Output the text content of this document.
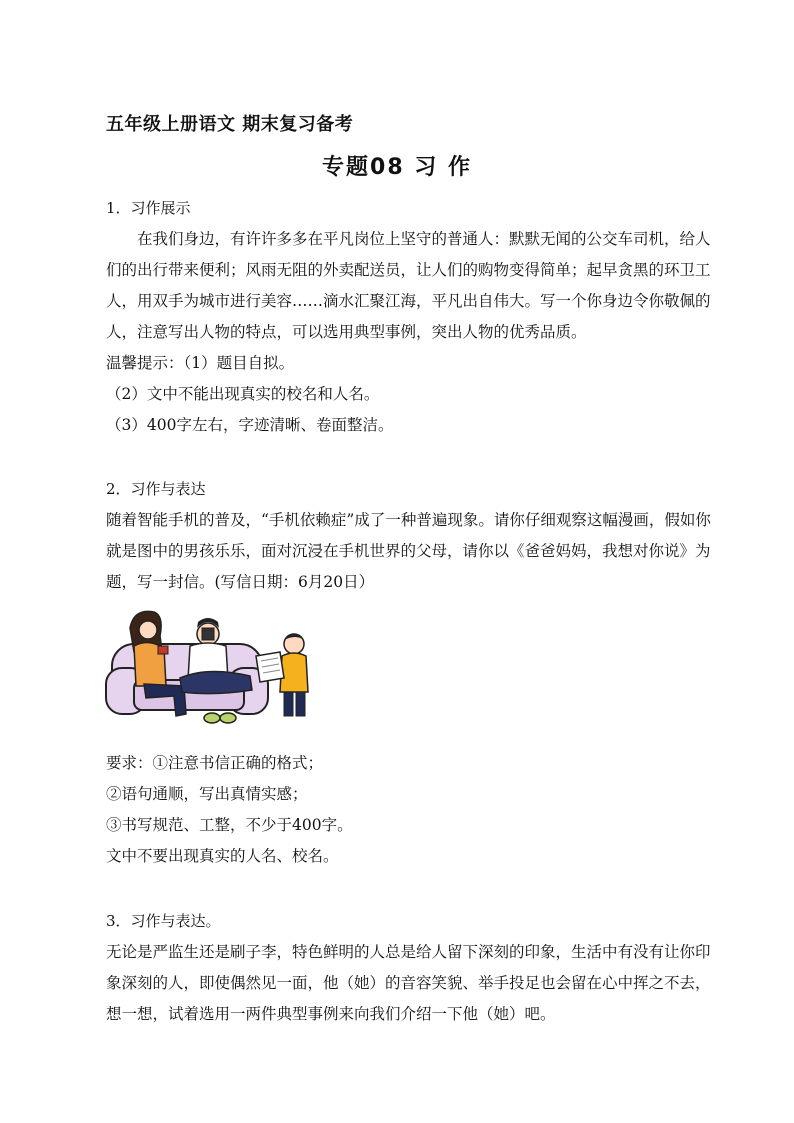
五年级上册语文 期末复习备考
专题08 习 作

1．习作展示

在我们身边，有许许多多在平凡岗位上坚守的普通人：默默无闻的公交车司机，给人们的出行带来便利；风雨无阻的外卖配送员，让人们的购物变得简单；起早贪黑的环卫工人，用双手为城市进行美容……滴水汇聚江海，平凡出自伟大。写一个你身边令你敬佩的人，注意写出人物的特点，可以选用典型事例，突出人物的优秀品质。

温馨提示：（1）题目自拟。

（2）文中不能出现真实的校名和人名。

（3）400字左右，字迹清晰、卷面整洁。

2．习作与表达

随着智能手机的普及，“手机依赖症”成了一种普遍现象。请你仔细观察这幅漫画，假如你就是图中的男孩乐乐，面对沉浸在手机世界的父母，请你以《爸爸妈妈，我想对你说》为题，写一封信。(写信日期：6月20日）

要求：①注意书信正确的格式；

②语句通顺，写出真情实感；

③书写规范、工整，不少于400字。

文中不要出现真实的人名、校名。

3．习作与表达。

无论是严监生还是刷子李，特色鲜明的人总是给人留下深刻的印象，生活中有没有让你印象深刻的人，即使偶然见一面，他（她）的音容笑貌、举手投足也会留在心中挥之不去，想一想，试着选用一两件典型事例来向我们介绍一下他（她）吧。
